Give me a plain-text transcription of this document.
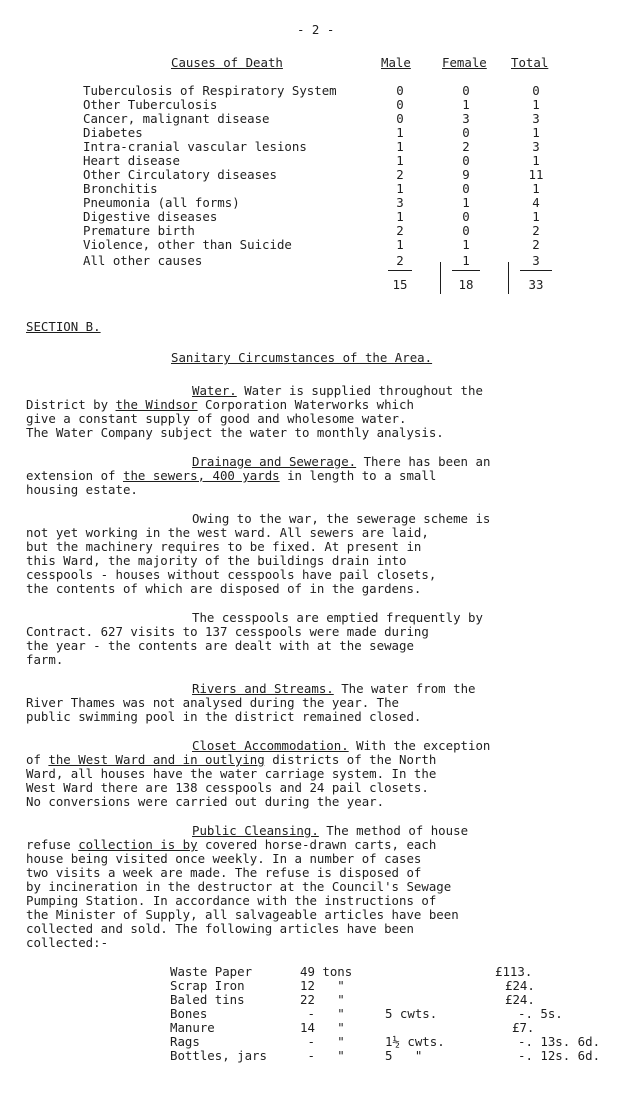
- 2 -
Causes of Death	Male	Female Total
Tuberculosis of Respiratory System	0	0	0
Other Tuberculosis	0	1	1
Cancer, malignant disease	0	3	3
Diabetes	1	0	1
Intra-cranial vascular lesions	1	2	3
Heart disease	1	0	1
Other Circulatory diseases	2	9	11
Bronchitis	1	0	1
Pneumonia (all forms)	3	1	4
Digestive diseases	1	0	1
Premature birth	2	0	2
Violence, other than Suicide	1	1	2
All other causes	2	1	3
15	18	33
SECTION B.
Sanitary Circumstances of the Area.
Water. Water is supplied throughout the
District by the Windsor Corporation Waterworks which
give a constant supply of good and wholesome water.
The Water Company subject the water to monthly analysis.
Drainage and Sewerage. There has been an
extension of the sewers, 400 yards in length to a small
housing estate.
Owing to the war, the sewerage scheme is
not yet working in the west ward. All sewers are laid,
but the machinery requires to be fixed. At present in
this Ward, the majority of the buildings drain into
cesspools - houses without cesspools have pail closets,
the contents of which are disposed of in the gardens.
The cesspools are emptied frequently by
Contract. 627 visits to 137 cesspools were made during
the year - the contents are dealt with at the sewage
farm.
Rivers and Streams. The water from the
River Thames was not analysed during the year. The
public swimming pool in the district remained closed.
Closet Accommodation. With the exception
of the West Ward and in outlying districts of the North
Ward, all houses have the water carriage system. In the
West Ward there are 138 cesspools and 24 pail closets.
No conversions were carried out during the year.
Public Cleansing. The method of house
refuse collection is by covered horse-drawn carts, each
house being visited once weekly. In a number of cases
two visits a week are made. The refuse is disposed of
by incineration in the destructor at the Council's Sewage
Pumping Station. In accordance with the instructions of
the Minister of Supply, all salvageable articles have been
collected and sold. The following articles have been
collected:-
Waste Paper	49 tons	£113.
Scrap Iron	12   "	£24.
Baled tins	22   "	£24.
Bones	-   "	5 cwts.	-. 5s.
Manure	14   "	£7.
Rags	-   "	1½ cwts.	-. 13s. 6d.
Bottles, jars	-   "	5   "	-. 12s. 6d.
